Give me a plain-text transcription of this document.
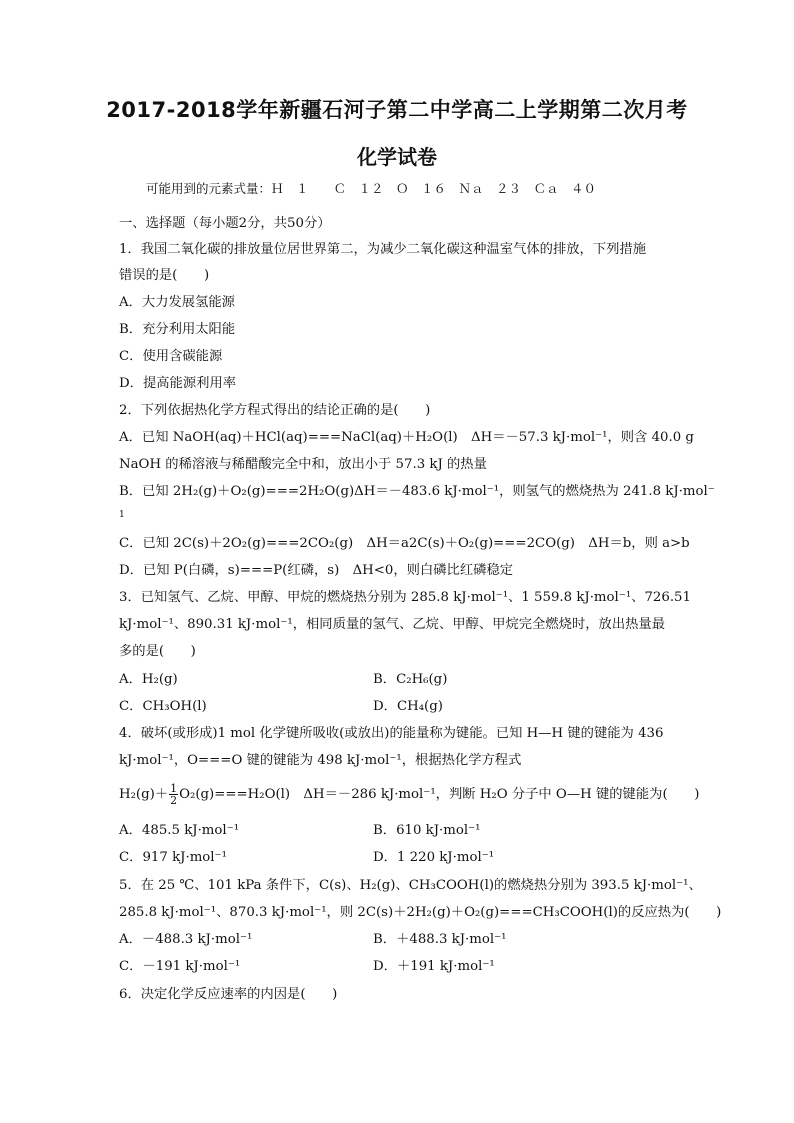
2017-2018学年新疆石河子第二中学高二上学期第二次月考
化学试卷
可能用到的元素式量：Ｈ　１　　Ｃ　１２　Ｏ　１６　Ｎａ　２３　Ｃａ　４０
一、选择题（每小题2分，共50分）
1．我国二氧化碳的排放量位居世界第二，为减少二氧化碳这种温室气体的排放，下列措施
错误的是(　　)
A．大力发展氢能源
B．充分利用太阳能
C．使用含碳能源
D．提高能源利用率
2．下列依据热化学方程式得出的结论正确的是(　　)
A．已知 NaOH(aq)＋HCl(aq)===NaCl(aq)＋H₂O(l)　ΔH＝－57.3 kJ·mol⁻¹，则含 40.0 g
NaOH 的稀溶液与稀醋酸完全中和，放出小于 57.3 kJ 的热量
B．已知 2H₂(g)＋O₂(g)===2H₂O(g)ΔH＝－483.6 kJ·mol⁻¹，则氢气的燃烧热为 241.8 kJ·mol⁻
1
C．已知 2C(s)＋2O₂(g)===2CO₂(g)　ΔH＝a2C(s)＋O₂(g)===2CO(g)　ΔH＝b，则 a>b
D．已知 P(白磷，s)===P(红磷，s)　ΔH<0，则白磷比红磷稳定
3．已知氢气、乙烷、甲醇、甲烷的燃烧热分别为 285.8 kJ·mol⁻¹、1 559.8 kJ·mol⁻¹、726.51
kJ·mol⁻¹、890.31 kJ·mol⁻¹，相同质量的氢气、乙烷、甲醇、甲烷完全燃烧时，放出热量最
多的是(　　)
A．H₂(g)	B．C₂H₆(g)
C．CH₃OH(l)	D．CH₄(g)
4．破坏(或形成)1 mol 化学键所吸收(或放出)的能量称为键能。已知 H—H 键的键能为 436
kJ·mol⁻¹，O===O 键的键能为 498 kJ·mol⁻¹，根据热化学方程式
$H_2(g)+ \frac{1}{2} O_2(g)===H_2O(l)$　ΔH＝－286 kJ·mol⁻¹，判断 H₂O 分子中 O—H 键的键能为(　　)
A．485.5 kJ·mol⁻¹	B．610 kJ·mol⁻¹
C．917 kJ·mol⁻¹	D．1 220 kJ·mol⁻¹
5．在 25 ℃、101 kPa 条件下，C(s)、H₂(g)、CH₃COOH(l)的燃烧热分别为 393.5 kJ·mol⁻¹、
285.8 kJ·mol⁻¹、870.3 kJ·mol⁻¹，则 2C(s)＋2H₂(g)＋O₂(g)===CH₃COOH(l)的反应热为(　　)
A．－488.3 kJ·mol⁻¹	B．＋488.3 kJ·mol⁻¹
C．－191 kJ·mol⁻¹	D．＋191 kJ·mol⁻¹
6．决定化学反应速率的内因是(　　)
